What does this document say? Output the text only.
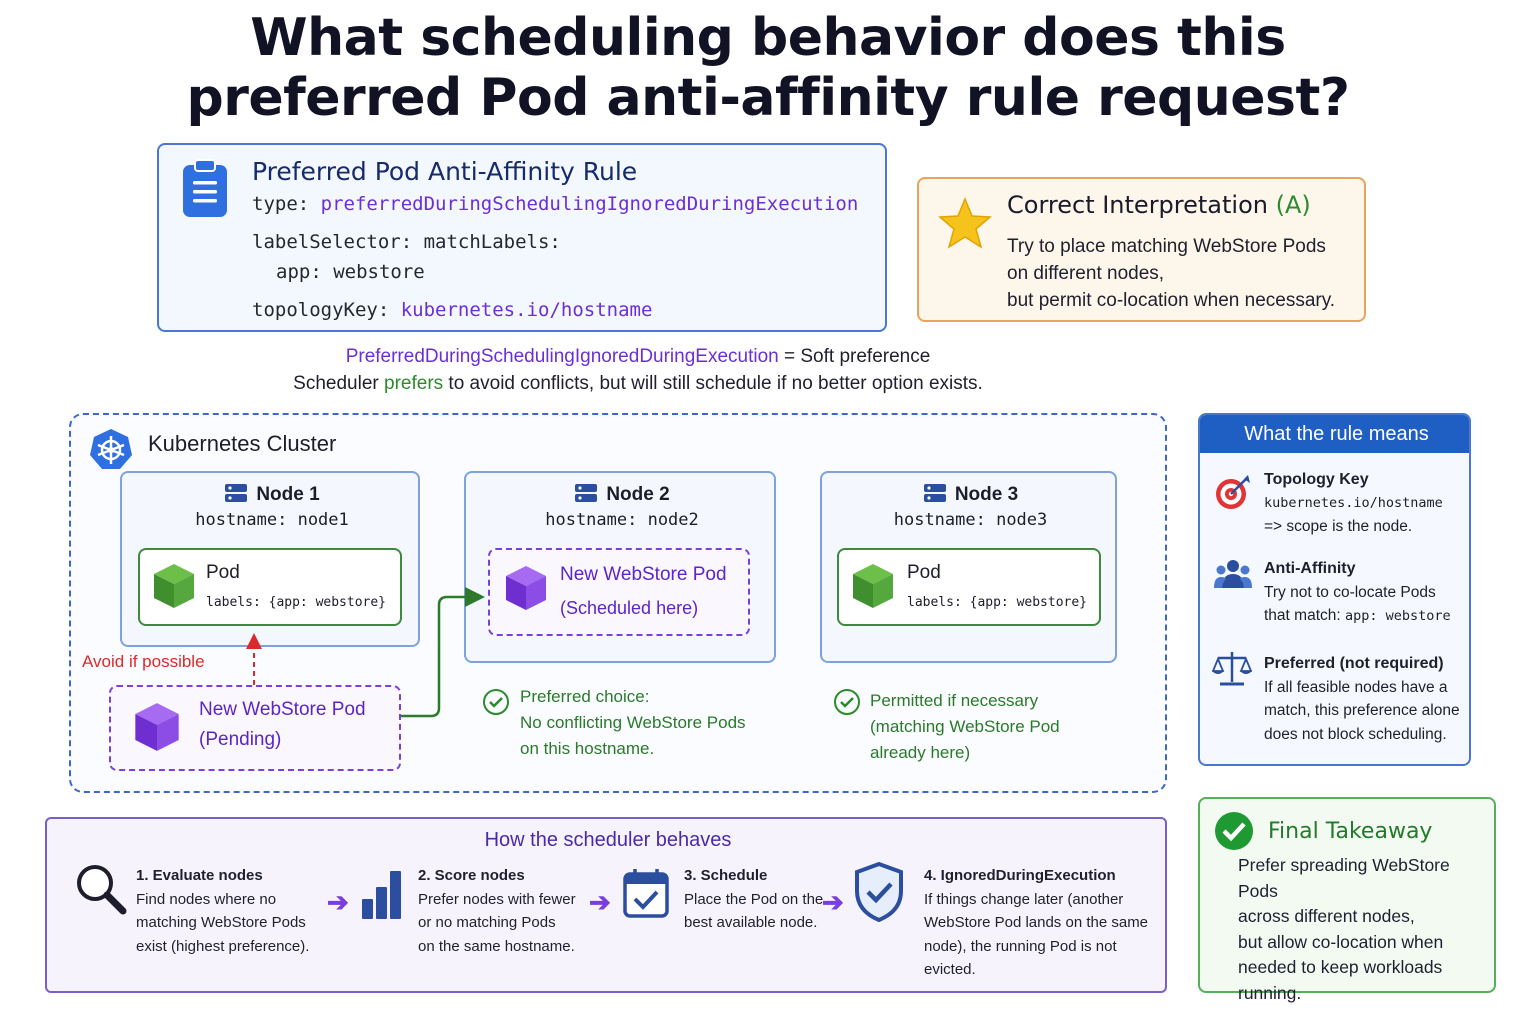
What scheduling behavior does this
preferred Pod anti-affinity rule request?
Preferred Pod Anti-Affinity Rule
type: preferredDuringSchedulingIgnoredDuringExecution
labelSelector: matchLabels:
app: webstore
topologyKey: kubernetes.io/hostname
Correct Interpretation (A)
Try to place matching WebStore Pods
on different nodes,
but permit co-location when necessary.
PreferredDuringSchedulingIgnoredDuringExecution = Soft preference
Scheduler prefers to avoid conflicts, but will still schedule if no better option exists.
Kubernetes Cluster
Node 1
hostname: node1
Pod
labels: {app: webstore}
Node 2
hostname: node2
New WebStore Pod
(Scheduled here)
Node 3
hostname: node3
Pod
labels: {app: webstore}
Avoid if possible
New WebStore Pod
(Pending)
Preferred choice:
No conflicting WebStore Pods
on this hostname.
Permitted if necessary
(matching WebStore Pod
already here)
What the rule means
Topology Key
kubernetes.io/hostname
=> scope is the node.
Anti-Affinity
Try not to co-locate Pods
that match: app: webstore
Preferred (not required)
If all feasible nodes have a
match, this preference alone
does not block scheduling.
How the scheduler behaves
1. Evaluate nodes
Find nodes where no
matching WebStore Pods
exist (highest preference).
➔
2. Score nodes
Prefer nodes with fewer
or no matching Pods
on the same hostname.
➔
3. Schedule
Place the Pod on the
best available node.
➔
4. IgnoredDuringExecution
If things change later (another
WebStore Pod lands on the same
node), the running Pod is not evicted.
Final Takeaway
Prefer spreading WebStore Pods
across different nodes,
but allow co-location when
needed to keep workloads
running.
